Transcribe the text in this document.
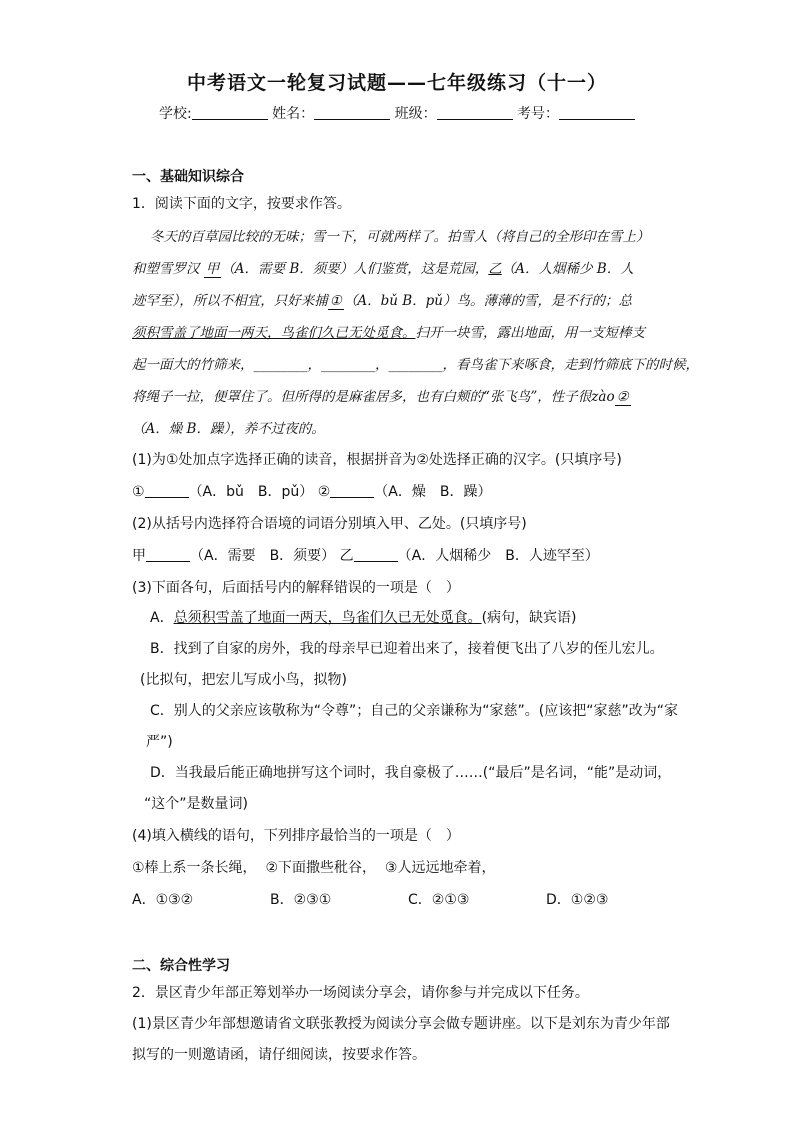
中考语文一轮复习试题——七年级练习（十一）
学校:	姓名：	班级：	考号：
一、基础知识综合
1．阅读下面的文字，按要求作答。
冬天的百草园比较的无味；雪一下，可就两样了。拍雪人（将自己的全形印在雪上）
和塑雪罗汉 甲 （A．需要 B．须要）人们鉴赏，这是荒园，乙（A．人烟稀少 B．人
迹罕至），所以不相宜，只好来捕 ① （A．bǔ B．pǔ）鸟。薄薄的雪，是不行的；总
须积雪盖了地面一两天，鸟雀们久已无处觅食。扫开一块雪，露出地面，用一支短棒支
起一面大的竹筛来，________，________，________，看鸟雀下来啄食，走到竹筛底下的时候，
将绳子一拉，便罩住了。但所得的是麻雀居多，也有白颊的“张飞鸟”，性子很zào ②
（A．燥 B．躁），养不过夜的。
(1)为①处加点字选择正确的读音，根据拼音为②处选择正确的汉字。(只填序号)
①	（A．bǔ　B．pǔ） ②	（A．燥　B．躁）
(2)从括号内选择符合语境的词语分别填入甲、乙处。(只填序号)
甲	（A．需要　B．须要） 乙	（A．人烟稀少　B．人迹罕至）
(3)下面各句，后面括号内的解释错误的一项是（　）
A．总须积雪盖了地面一两天，鸟雀们久已无处觅食。(病句，缺宾语)
B．找到了自家的房外，我的母亲早已迎着出来了，接着便飞出了八岁的侄儿宏儿。
(比拟句，把宏儿写成小鸟，拟物)
C．别人的父亲应该敬称为“令尊”；自己的父亲谦称为“家慈”。(应该把“家慈”改为“家
严”)
D．当我最后能正确地拼写这个词时，我自豪极了……(“最后”是名词，“能”是动词，
“这个”是数量词)
(4)填入横线的语句，下列排序最恰当的一项是（　）
①棒上系一条长绳，  ②下面撒些秕谷，  ③人远远地牵着，
A．①③②	B．②③①	C．②①③	D．①②③
二、综合性学习
2．景区青少年部正筹划举办一场阅读分享会，请你参与并完成以下任务。
(1)景区青少年部想邀请省文联张教授为阅读分享会做专题讲座。以下是刘东为青少年部
拟写的一则邀请函，请仔细阅读，按要求作答。
